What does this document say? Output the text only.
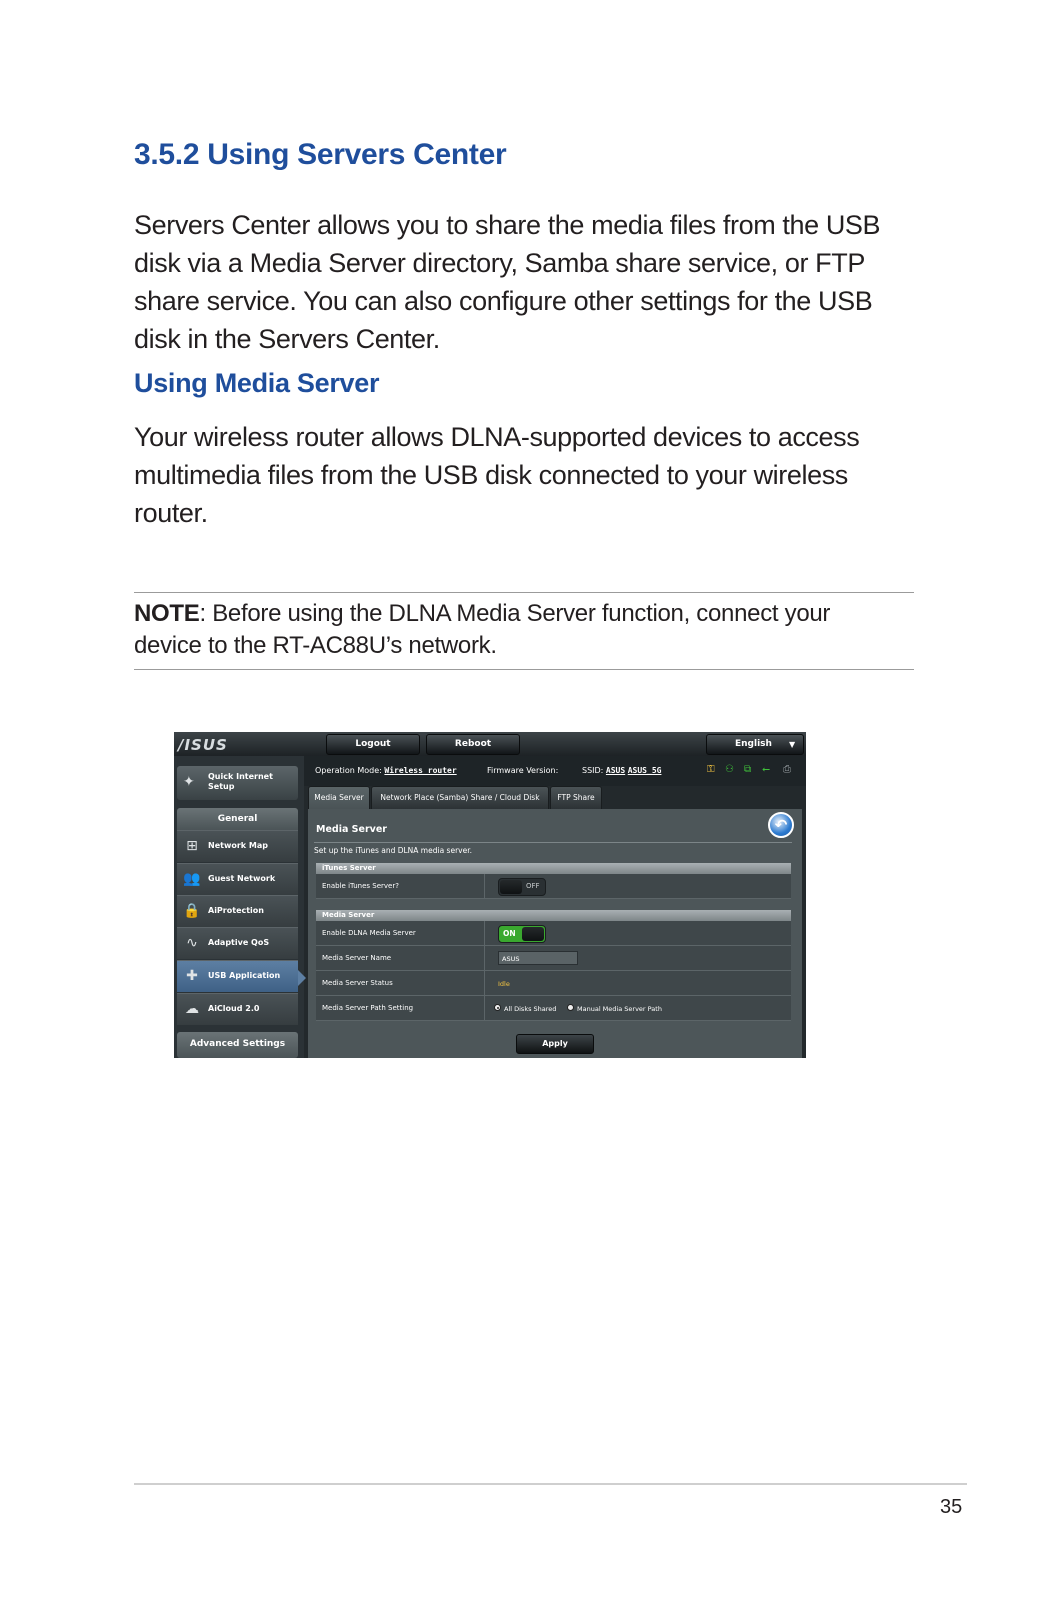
3.5.2 Using Servers Center
Servers Center allows you to share the media files from the USB
disk via a Media Server directory, Samba share service, or FTP
share service. You can also configure other settings for the USB
disk in the Servers Center.
Using Media Server
Your wireless router allows DLNA-supported devices to access
multimedia files from the USB disk connected to your wireless
router.
NOTE: Before using the DLNA Media Server function, connect your
device to the RT-AC88U’s network.
/ISUS	Logout	Reboot	English ▼
✦	Quick Internet Setup
General
⊞	Network Map
👥 Guest Network
🔒 AiProtection
∿	Adaptive QoS
✚	USB Application
☁	AiCloud 2.0
Advanced Settings
Operation Mode: Wireless router	Firmware Version:	SSID: ASUS ASUS_5G	⚿ ⚇ ⧉ ⭠ ⎙
Media Server	Network Place (Samba) Share / Cloud Disk	FTP Share
Media Server	↶
Set up the iTunes and DLNA media server.
iTunes Server
Enable iTunes Server?	OFF
Media Server
Enable DLNA Media Server	ON
Media Server Name	ASUS
Media Server Status	Idle
Media Server Path Setting	All Disks Shared	Manual Media Server Path
Apply
35
